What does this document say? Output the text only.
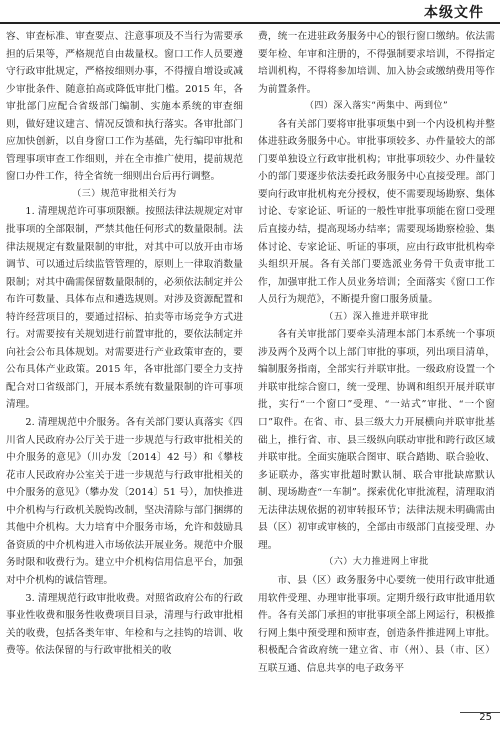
本级文件

容、审查标准、审查要点、注意事项及不当行为需要承担的后果等，严格规范自由裁量权。窗口工作人员要遵守行政审批规定，严格按细则办事，不得擅自增设或减少审批条件、随意拍高或降低审批门槛。2015 年，各审批部门应配合省级部门编制、实施本系统的审查细则，做好建议建言、情况反馈和执行落实。各审批部门应加快创新，以自身窗口工作为基础，先行编印审批和管理事项审查工作细则，并在全市推广使用，提前规范窗口办件工作，待全省统一细则出台后再行调整。

（三）规范审批相关行为

1. 清理规范许可事项限额。按照法律法规规定对审批事项的全部限制，严禁其他任何形式的数量限制。法律法规规定有数量限制的审批，对其中可以放开由市场调节、可以通过后续监管管理的，原则上一律取消数量限制；对其中确需保留数量限制的，必须依法制定并公布许可数量、具体布点和遴选规则。对涉及资源配置和特许经营项目的，要通过招标、拍卖等市场竞争方式进行。对需要按有关规划进行前置审批的，要依法制定并向社会公布具体规划。对需要进行产业政策审查的，要公布具体产业政策。2015 年，各审批部门要全力支持配合对口省级部门，开展本系统有数量限制的许可事项清理。

2. 清理规范中介服务。各有关部门要认真落实《四川省人民政府办公厅关于进一步规范与行政审批相关的中介服务的意见》（川办发〔2014〕42 号）和《攀枝花市人民政府办公室关于进一步规范与行政审批相关的中介服务的意见》（攀办发〔2014〕51 号），加快推进中介机构与行政机关脱钩改制，坚决清除与部门捆绑的其他中介机构。大力培育中介服务市场，允许和鼓励具备资质的中介机构进入市场依法开展业务。规范中介服务时限和收费行为。建立中介机构信用信息平台，加强对中介机构的诚信管理。

3. 清理规范行政审批收费。对照省政府公布的行政事业性收费和服务性收费项目目录，清理与行政审批相关的收费，包括各类年审、年检和与之挂钩的培训、收费等。依法保留的与行政审批相关的收

费，统一在进驻政务服务中心的银行窗口缴纳。依法需要年检、年审和注册的，不得强制要求培训，不得指定培训机构，不得将参加培训、加入协会或缴纳费用等作为前置条件。

（四）深入落实“两集中、两到位”

各有关部门要将审批事项集中到一个内设机构并整体进驻政务服务中心。审批事项较多、办件量较大的部门要单独设立行政审批机构；审批事项较少、办件量较小的部门要逐步依法委托政务服务中心直接受理。部门要向行政审批机构充分授权，使不需要现场勘察、集体讨论、专家论证、听证的一般性审批事项能在窗口受理后直接办结，提高现场办结率；需要现场勘察检验、集体讨论、专家论证、听证的事项，应由行政审批机构牵头组织开展。各有关部门要选派业务骨干负责审批工作，加强审批工作人员业务培训；全面落实《窗口工作人员行为规范》，不断提升窗口服务质量。

（五）深入推进并联审批

各有关审批部门要牵头清理本部门本系统一个事项涉及两个及两个以上部门审批的事项，列出项目清单，编制服务指南，全部实行并联审批。一级政府设置一个并联审批综合窗口，统一受理、协调和组织开展并联审批，实行“一个窗口”受理、“一站式”审批、“一个窗口”取件。在省、市、县三级大力开展横向并联审批基础上，推行省、市、县三级纵向联动审批和跨行政区域并联审批。全面实施联合图审、联合踏勘、联合验收、多证联办，落实审批超时默认制、联合审批缺席默认制、现场勘查“一车制”。探索优化审批流程，清理取消无法律法规依据的初审转报环节；法律法规未明确需由县（区）初审或审核的，全部由市级部门直接受理、办理。

（六）大力推进网上审批

市、县（区）政务服务中心要统一使用行政审批通用软件受理、办理审批事项。定期升级行政审批通用软件。各有关部门承担的审批事项全部上网运行，积极推行网上集中预受理和预审查，创造条件推进网上审批。积极配合省政府统一建立省、市（州）、县（市、区）互联互通、信息共享的电子政务平

25
